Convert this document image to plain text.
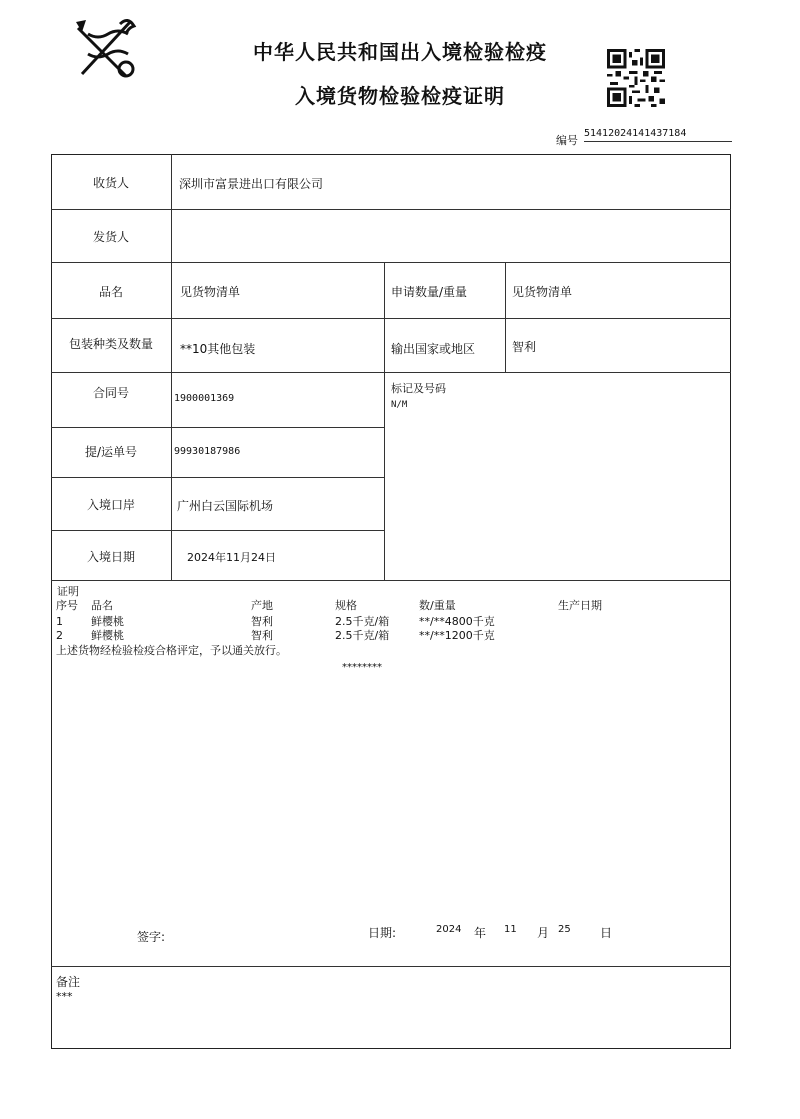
中华人民共和国出入境检验检疫
入境货物检验检疫证明
编号
514120241414​37184
收货人	深圳市富景进出口有限公司
发货人
品名	见货物清单	申请数量/重量	见货物清单
包装种类及数量	**10其他包装	输出国家或地区	智利
合同号	1900001369
标记及号码
N/M
提/运单号	99930187986
入境口岸	广州白云国际机场
入境日期	2024年11月24日
证明
序号 品名	产地	规格	数/重量	生产日期
1	鲜樱桃	智利	2.5千克/箱	**/**4800千克
2	鲜樱桃	智利	2.5千克/箱	**/**1200千克
上述货物经检验检疫合格评定，予以通关放行。
********
签字:	日期:	2024 年 11 月 25 日
备注
***
